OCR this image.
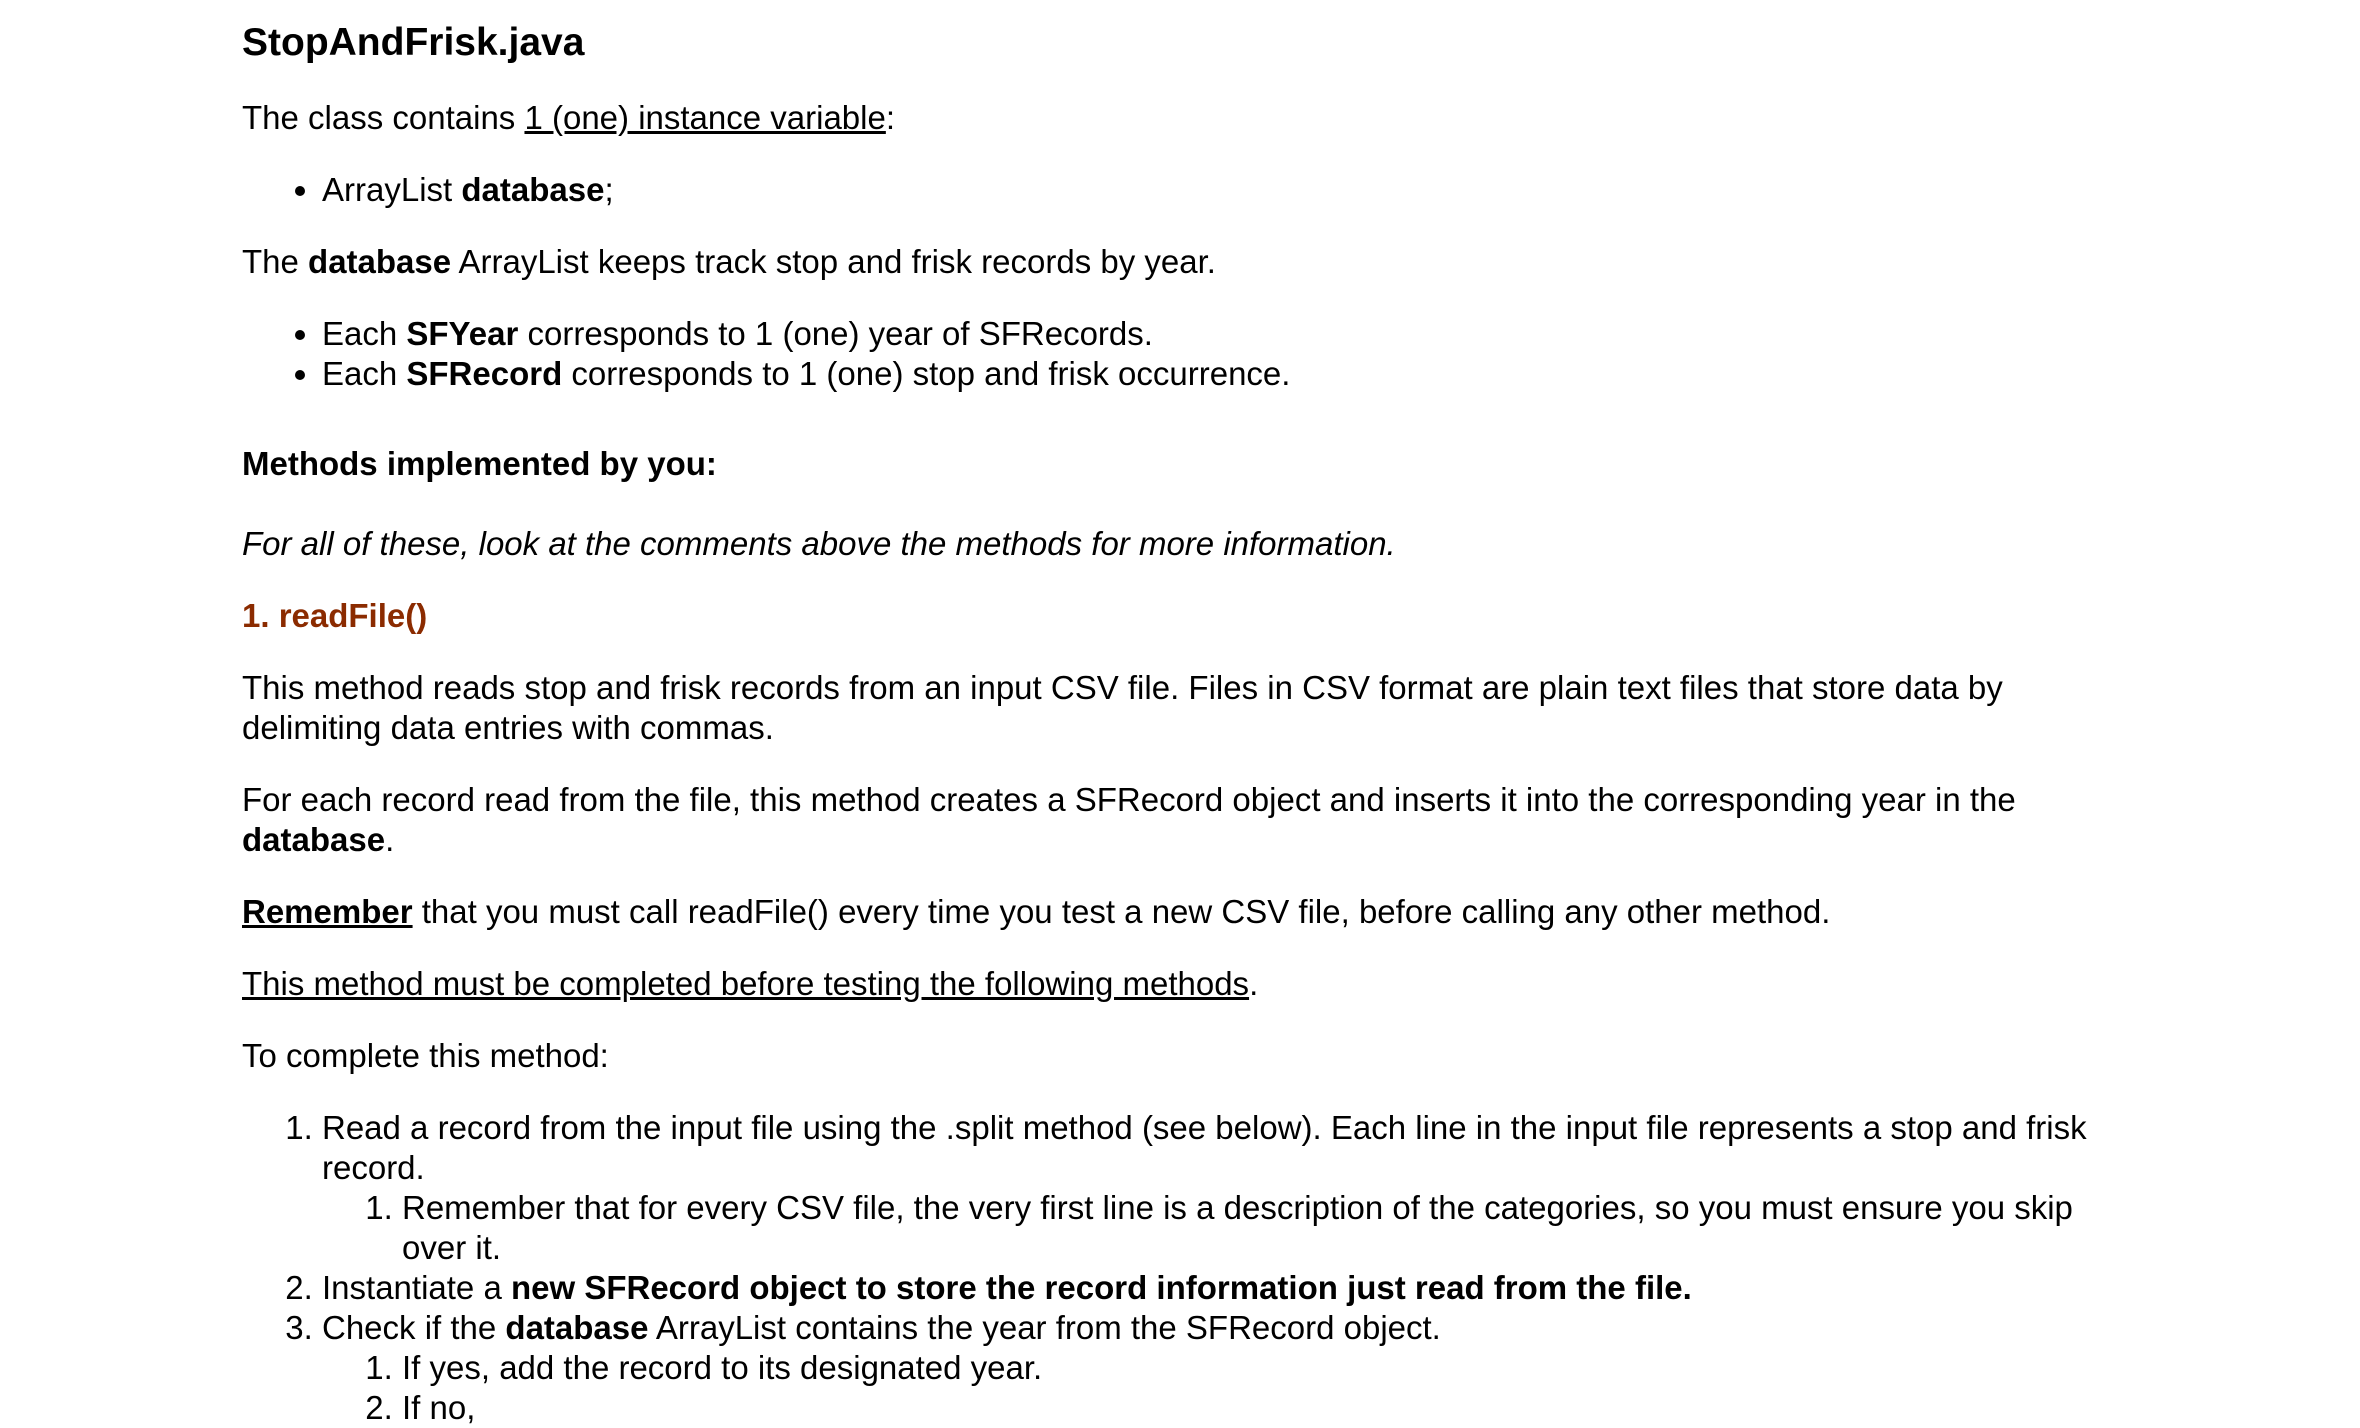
StopAndFrisk.java

The class contains 1 (one) instance variable:

• ArrayList database;

The database ArrayList keeps track stop and frisk records by year.

• Each SFYear corresponds to 1 (one) year of SFRecords.
• Each SFRecord corresponds to 1 (one) stop and frisk occurrence.

Methods implemented by you:

For all of these, look at the comments above the methods for more information.

1. readFile()

This method reads stop and frisk records from an input CSV file. Files in CSV format are plain text files that store data by delimiting data entries with commas.

For each record read from the file, this method creates a SFRecord object and inserts it into the corresponding year in the database.

Remember that you must call readFile() every time you test a new CSV file, before calling any other method.

This method must be completed before testing the following methods.

To complete this method:

1. Read a record from the input file using the .split method (see below). Each line in the input file represents a stop and frisk record.
1. Remember that for every CSV file, the very first line is a description of the categories, so you must ensure you skip over it.
2. Instantiate a new SFRecord object to store the record information just read from the file.
3. Check if the database ArrayList contains the year from the SFRecord object.
1. If yes, add the record to its designated year.
2. If no,
